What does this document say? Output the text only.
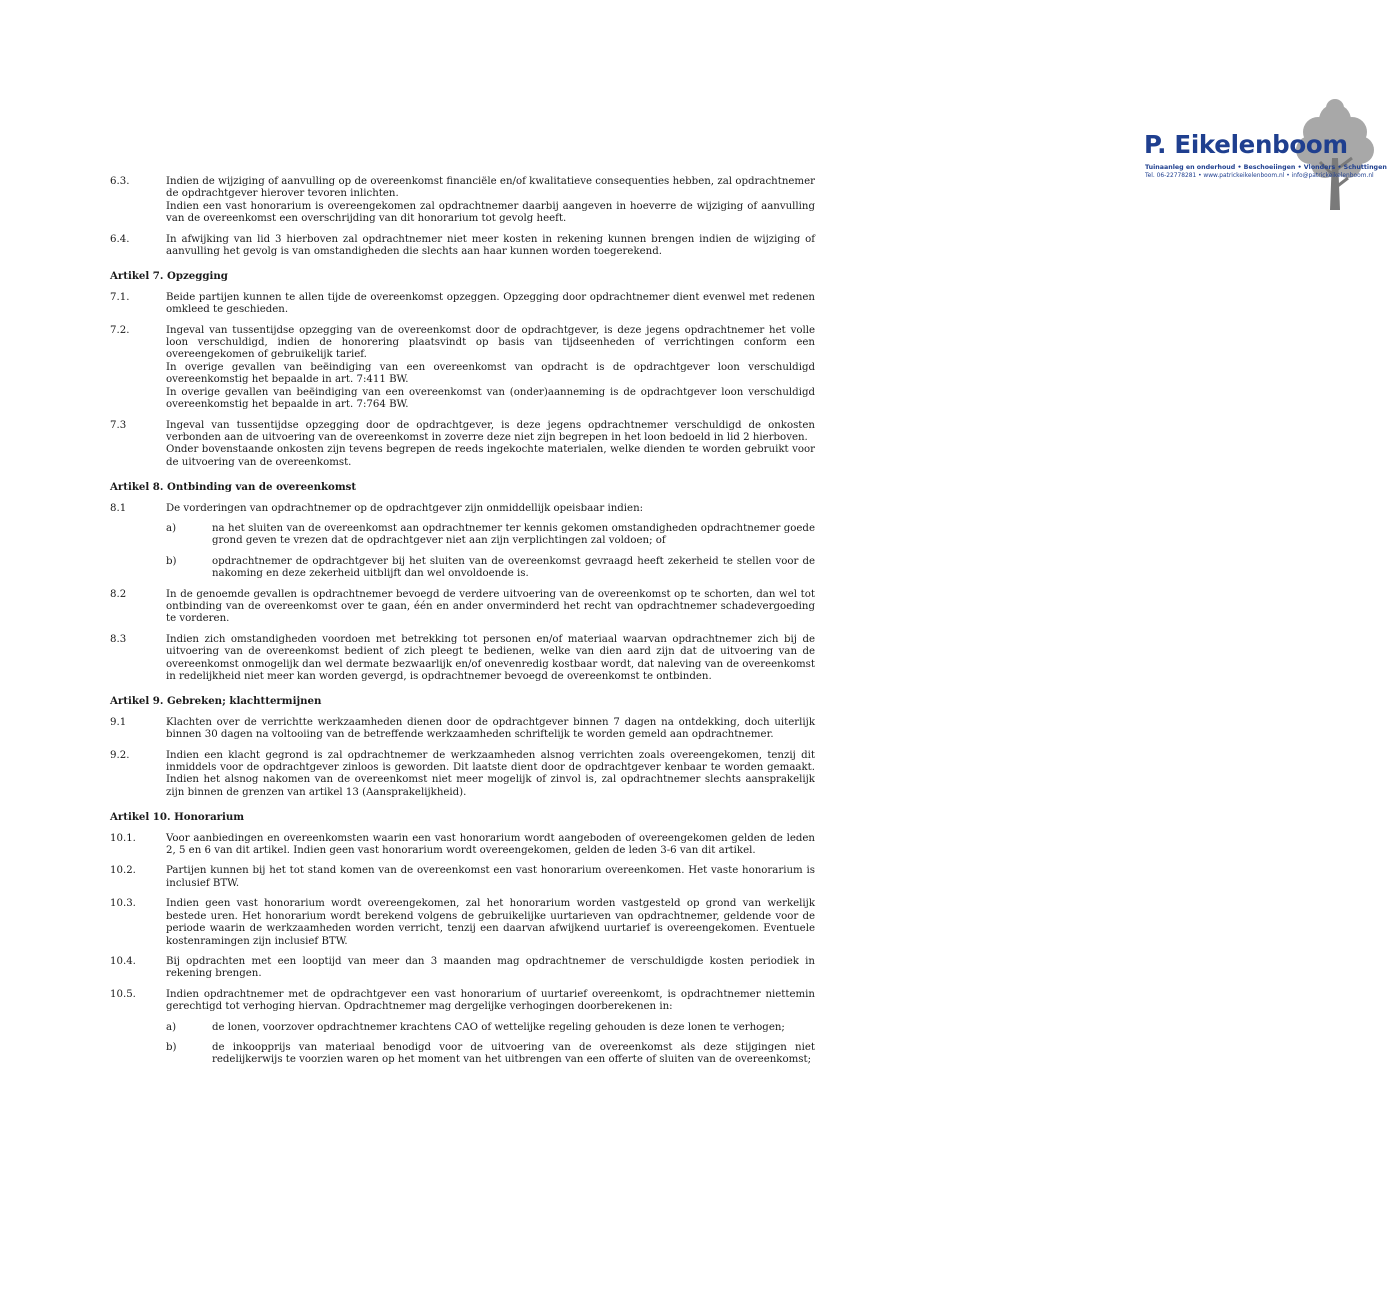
P. Eikelenboom
Tuinaanleg en onderhoud • Beschoeiingen • Vlonders • Schuttingen
Tel. 06-22778281 • www.patrickeikelenboom.nl • info@patrickeikelenboom.nl
6.3.	Indien de wijziging of aanvulling op de overeenkomst financiële en/of kwalitatieve consequenties hebben, zal opdrachtnemer de opdrachtgever hierover tevoren inlichten.

Indien een vast honorarium is overeengekomen zal opdrachtnemer daarbij aangeven in hoeverre de wijziging of aanvulling van de overeenkomst een overschrijding van dit honorarium tot gevolg heeft.

6.4.	In afwijking van lid 3 hierboven zal opdrachtnemer niet meer kosten in rekening kunnen brengen indien de wijziging of aanvulling het gevolg is van omstandigheden die slechts aan haar kunnen worden toegerekend.

Artikel 7. Opzegging
7.1.	Beide partijen kunnen te allen tijde de overeenkomst opzeggen. Opzegging door opdrachtnemer dient evenwel met redenen omkleed te geschieden.

7.2.	Ingeval van tussentijdse opzegging van de overeenkomst door de opdrachtgever, is deze jegens opdrachtnemer het volle loon verschuldigd, indien de honorering plaatsvindt op basis van tijdseenheden of verrichtingen conform een overeengekomen of gebruikelijk tarief.

In overige gevallen van beëindiging van een overeenkomst van opdracht is de opdrachtgever loon verschuldigd overeenkomstig het bepaalde in art. 7:411 BW.

In overige gevallen van beëindiging van een overeenkomst van (onder)aanneming is de opdrachtgever loon verschuldigd overeenkomstig het bepaalde in art. 7:764 BW.

7.3	Ingeval van tussentijdse opzegging door de opdrachtgever, is deze jegens opdrachtnemer verschuldigd de onkosten verbonden aan de uitvoering van de overeenkomst in zoverre deze niet zijn begrepen in het loon bedoeld in lid 2 hierboven.

Onder bovenstaande onkosten zijn tevens begrepen de reeds ingekochte materialen, welke dienden te worden gebruikt voor de uitvoering van de overeenkomst.

Artikel 8. Ontbinding van de overeenkomst
8.1	De vorderingen van opdrachtnemer op de opdrachtgever zijn onmiddellijk opeisbaar indien:

a)	na het sluiten van de overeenkomst aan opdrachtnemer ter kennis gekomen omstandigheden opdrachtnemer goede grond geven te vrezen dat de opdrachtgever niet aan zijn verplichtingen zal voldoen; of
b)	opdrachtnemer de opdrachtgever bij het sluiten van de overeenkomst gevraagd heeft zekerheid te stellen voor de nakoming en deze zekerheid uitblijft dan wel onvoldoende is.
8.2	In de genoemde gevallen is opdrachtnemer bevoegd de verdere uitvoering van de overeenkomst op te schorten, dan wel tot ontbinding van de overeenkomst over te gaan, één en ander onverminderd het recht van opdrachtnemer schadevergoeding te vorderen.

8.3	Indien zich omstandigheden voordoen met betrekking tot personen en/of materiaal waarvan opdrachtnemer zich bij de uitvoering van de overeenkomst bedient of zich pleegt te bedienen, welke van dien aard zijn dat de uitvoering van de overeenkomst onmogelijk dan wel dermate bezwaarlijk en/of onevenredig kostbaar wordt, dat naleving van de overeenkomst in redelijkheid niet meer kan worden gevergd, is opdrachtnemer bevoegd de overeenkomst te ontbinden.

Artikel 9. Gebreken; klachttermijnen
9.1	Klachten over de verrichtte werkzaamheden dienen door de opdrachtgever binnen 7 dagen na ontdekking, doch uiterlijk binnen 30 dagen na voltooiing van de betreffende werkzaamheden schriftelijk te worden gemeld aan opdrachtnemer.

9.2.	Indien een klacht gegrond is zal opdrachtnemer de werkzaamheden alsnog verrichten zoals overeengekomen, tenzij dit inmiddels voor de opdrachtgever zinloos is geworden. Dit laatste dient door de opdrachtgever kenbaar te worden gemaakt. Indien het alsnog nakomen van de overeenkomst niet meer mogelijk of zinvol is, zal opdrachtnemer slechts aansprakelijk zijn binnen de grenzen van artikel 13 (Aansprakelijkheid).

Artikel 10. Honorarium
10.1.	Voor aanbiedingen en overeenkomsten waarin een vast honorarium wordt aangeboden of overeengekomen gelden de leden 2, 5 en 6 van dit artikel. Indien geen vast honorarium wordt overeengekomen, gelden de leden 3-6 van dit artikel.

10.2.	Partijen kunnen bij het tot stand komen van de overeenkomst een vast honorarium overeenkomen. Het vaste honorarium is inclusief BTW.

10.3.	Indien geen vast honorarium wordt overeengekomen, zal het honorarium worden vastgesteld op grond van werkelijk bestede uren. Het honorarium wordt berekend volgens de gebruikelijke uurtarieven van opdrachtnemer, geldende voor de periode waarin de werkzaamheden worden verricht, tenzij een daarvan afwijkend uurtarief is overeengekomen. Eventuele kostenramingen zijn inclusief BTW.

10.4.	Bij opdrachten met een looptijd van meer dan 3 maanden mag opdrachtnemer de verschuldigde kosten periodiek in rekening brengen.

10.5.	Indien opdrachtnemer met de opdrachtgever een vast honorarium of uurtarief overeenkomt, is opdrachtnemer niettemin gerechtigd tot verhoging hiervan. Opdrachtnemer mag dergelijke verhogingen doorberekenen in:

a)	de lonen, voorzover opdrachtnemer krachtens CAO of wettelijke regeling gehouden is deze lonen te verhogen;
b)	de inkoopprijs van materiaal benodigd voor de uitvoering van de overeenkomst als deze stijgingen niet redelijkerwijs te voorzien waren op het moment van het uitbrengen van een offerte of sluiten van de overeenkomst;
